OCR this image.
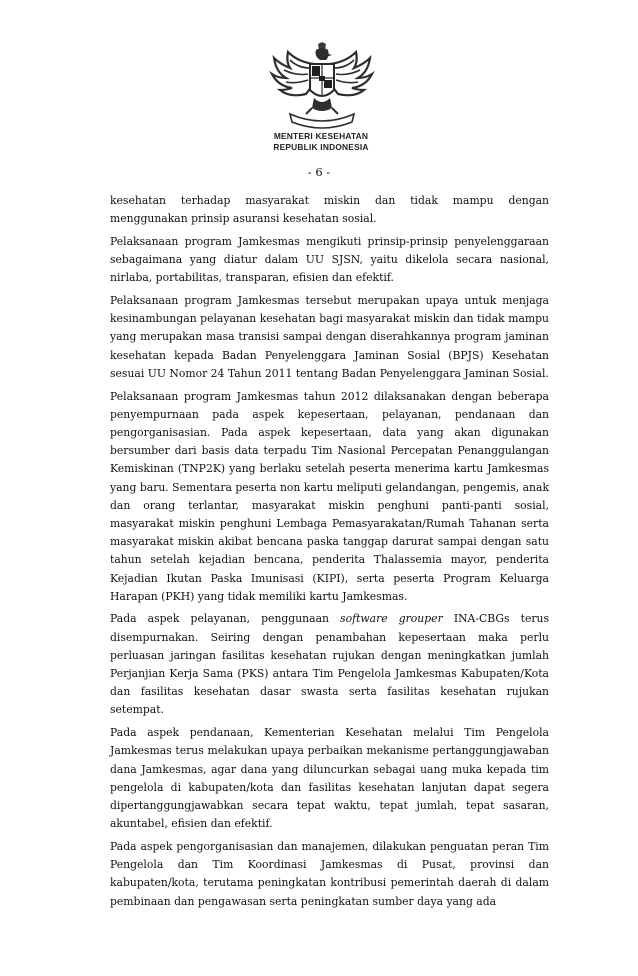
MENTERI KESEHATAN
REPUBLIK INDONESIA
- 6 -

kesehatan terhadap masyarakat miskin dan tidak mampu dengan menggunakan prinsip asuransi kesehatan sosial.

Pelaksanaan program Jamkesmas mengikuti prinsip-prinsip penyelenggaraan sebagaimana yang diatur dalam UU SJSN, yaitu dikelola secara nasional, nirlaba, portabilitas, transparan, efisien dan efektif.

Pelaksanaan program Jamkesmas tersebut merupakan upaya untuk menjaga kesinambungan pelayanan kesehatan bagi masyarakat miskin dan tidak mampu yang merupakan masa transisi sampai dengan diserahkannya program jaminan kesehatan kepada Badan Penyelenggara Jaminan Sosial (BPJS) Kesehatan sesuai UU Nomor 24 Tahun 2011 tentang Badan Penyelenggara Jaminan Sosial.

Pelaksanaan program Jamkesmas tahun 2012 dilaksanakan dengan beberapa penyempurnaan pada aspek kepesertaan, pelayanan, pendanaan dan pengorganisasian. Pada aspek kepesertaan, data yang akan digunakan bersumber dari basis data terpadu Tim Nasional Percepatan Penanggulangan Kemiskinan (TNP2K) yang berlaku setelah peserta menerima kartu Jamkesmas yang baru. Sementara peserta non kartu meliputi gelandangan, pengemis, anak dan orang terlantar, masyarakat miskin penghuni panti-panti sosial, masyarakat miskin penghuni Lembaga Pemasyarakatan/Rumah Tahanan serta masyarakat miskin akibat bencana paska tanggap darurat sampai dengan satu tahun setelah kejadian bencana, penderita Thalassemia mayor, penderita Kejadian Ikutan Paska Imunisasi (KIPI), serta peserta Program Keluarga Harapan (PKH) yang tidak memiliki kartu Jamkesmas.

Pada aspek pelayanan, penggunaan software grouper INA-CBGs terus disempurnakan. Seiring dengan penambahan kepesertaan maka perlu perluasan jaringan fasilitas kesehatan rujukan dengan meningkatkan jumlah Perjanjian Kerja Sama (PKS) antara Tim Pengelola Jamkesmas Kabupaten/Kota dan fasilitas kesehatan dasar swasta serta fasilitas kesehatan rujukan setempat.

Pada aspek pendanaan, Kementerian Kesehatan melalui Tim Pengelola Jamkesmas terus melakukan upaya perbaikan mekanisme pertanggungjawaban dana Jamkesmas, agar dana yang diluncurkan sebagai uang muka kepada tim pengelola di kabupaten/kota dan fasilitas kesehatan lanjutan dapat segera dipertanggungjawabkan secara tepat waktu, tepat jumlah, tepat sasaran, akuntabel, efisien dan efektif.

Pada aspek pengorganisasian dan manajemen, dilakukan penguatan peran Tim Pengelola dan Tim Koordinasi Jamkesmas di Pusat, provinsi dan kabupaten/kota, terutama peningkatan kontribusi pemerintah daerah di dalam pembinaan dan pengawasan serta peningkatan sumber daya yang ada
